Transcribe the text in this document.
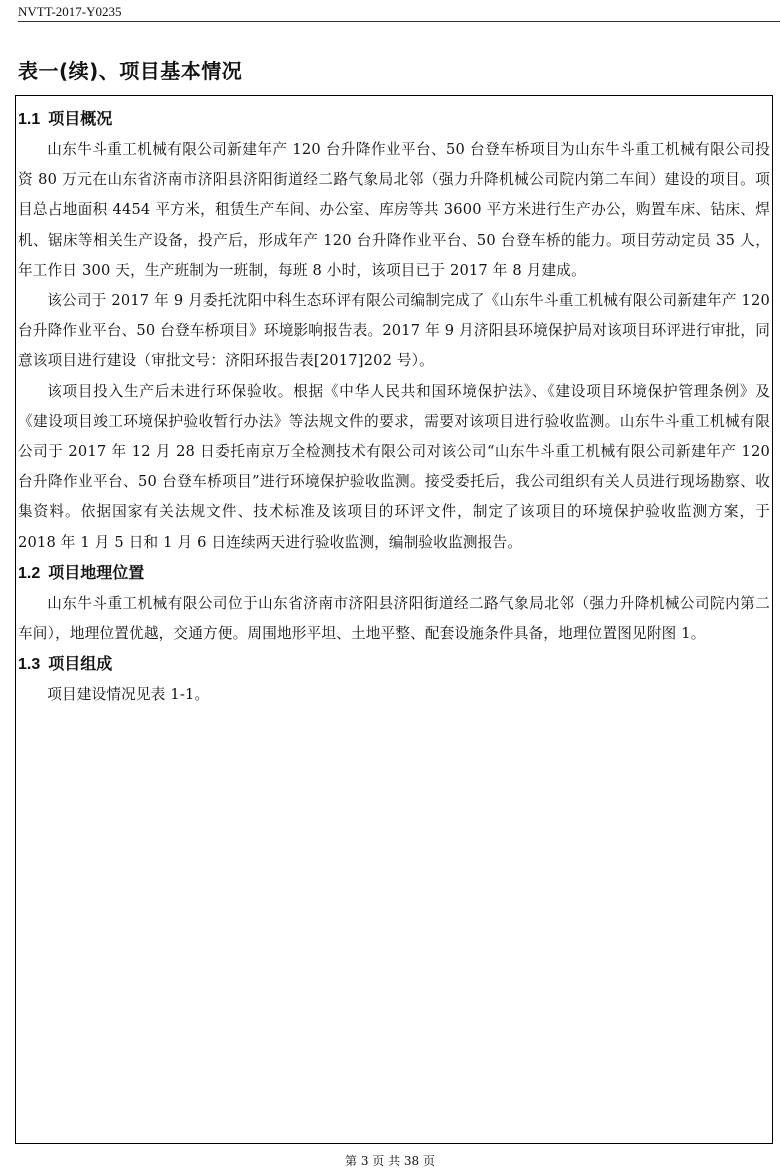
NVTT-2017-Y0235
表一(续)、项目基本情况
1.1 项目概况

山东牛斗重工机械有限公司新建年产 120 台升降作业平台、50 台登车桥项目为山东牛斗重工机械有限公司投资 80 万元在山东省济南市济阳县济阳街道经二路气象局北邻（强力升降机械公司院内第二车间）建设的项目。项目总占地面积 4454 平方米，租赁生产车间、办公室、库房等共 3600 平方米进行生产办公，购置车床、钻床、焊机、锯床等相关生产设备，投产后，形成年产 120 台升降作业平台、50 台登车桥的能力。项目劳动定员 35 人，年工作日 300 天，生产班制为一班制，每班 8 小时，该项目已于 2017 年 8 月建成。

该公司于 2017 年 9 月委托沈阳中科生态环评有限公司编制完成了《山东牛斗重工机械有限公司新建年产 120 台升降作业平台、50 台登车桥项目》环境影响报告表。2017 年 9 月济阳县环境保护局对该项目环评进行审批，同意该项目进行建设（审批文号：济阳环报告表[2017]202 号）。

该项目投入生产后未进行环保验收。根据《中华人民共和国环境保护法》、《建设项目环境保护管理条例》及《建设项目竣工环境保护验收暂行办法》等法规文件的要求，需要对该项目进行验收监测。山东牛斗重工机械有限公司于 2017 年 12 月 28 日委托南京万全检测技术有限公司对该公司“山东牛斗重工机械有限公司新建年产 120 台升降作业平台、50 台登车桥项目”进行环境保护验收监测。接受委托后，我公司组织有关人员进行现场勘察、收集资料。依据国家有关法规文件、技术标准及该项目的环评文件，制定了该项目的环境保护验收监测方案，于 2018 年 1 月 5 日和 1 月 6 日连续两天进行验收监测，编制验收监测报告。

1.2 项目地理位置

山东牛斗重工机械有限公司位于山东省济南市济阳县济阳街道经二路气象局北邻（强力升降机械公司院内第二车间），地理位置优越，交通方便。周围地形平坦、土地平整、配套设施条件具备，地理位置图见附图 1。

1.3 项目组成

项目建设情况见表 1-1。

第 3 页 共 38 页
